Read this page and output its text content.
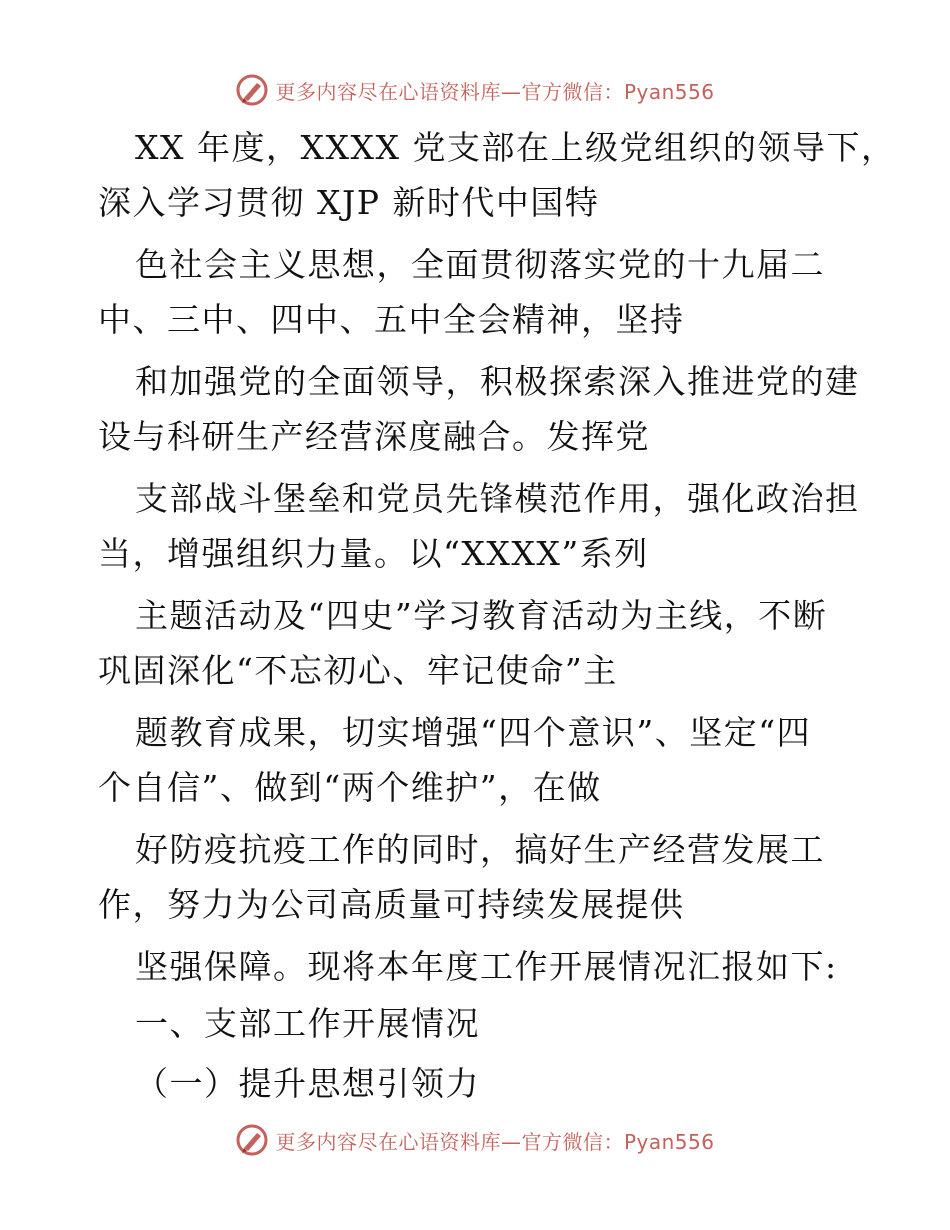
更多内容尽在心语资料库—官方微信：Pyan556
XX 年度，XXXX 党支部在上级党组织的领导下，
深入学习贯彻 XJP 新时代中国特
色社会主义思想，全面贯彻落实党的十九届二
中、三中、四中、五中全会精神，坚持
和加强党的全面领导，积极探索深入推进党的建
设与科研生产经营深度融合。发挥党
支部战斗堡垒和党员先锋模范作用，强化政治担
当，增强组织力量。以“XXXX”系列
主题活动及“四史”学习教育活动为主线，不断
巩固深化“不忘初心、牢记使命”主
题教育成果，切实增强“四个意识”、坚定“四
个自信”、做到“两个维护”，在做
好防疫抗疫工作的同时，搞好生产经营发展工
作，努力为公司高质量可持续发展提供
坚强保障。现将本年度工作开展情况汇报如下:
一、支部工作开展情况
（一）提升思想引领力
更多内容尽在心语资料库—官方微信：Pyan556
